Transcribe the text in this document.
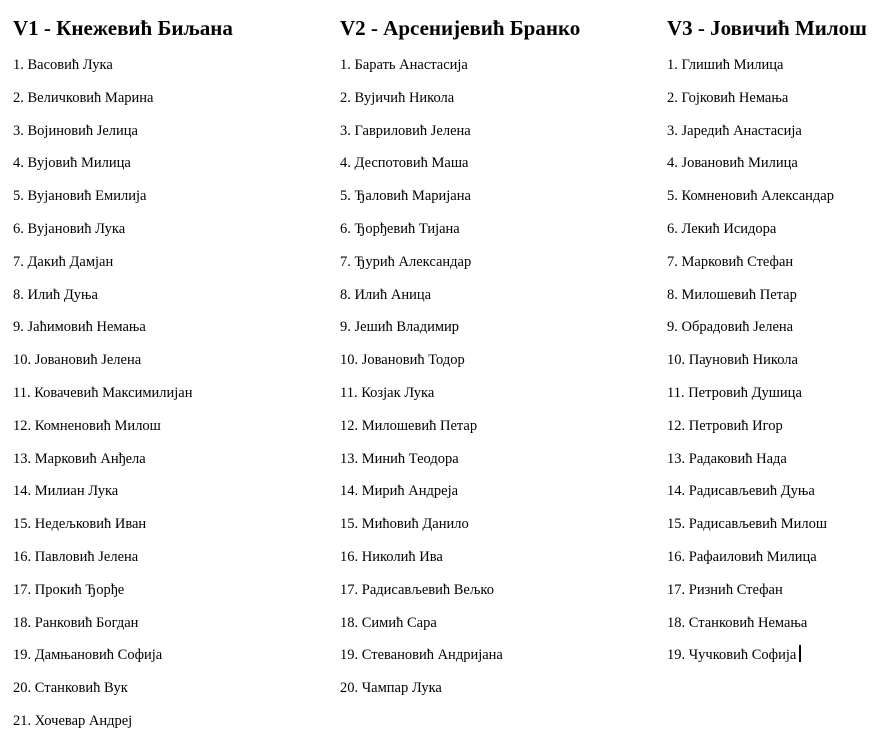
V1 - Кнежевић Биљана
1. Васовић Лука
2. Величковић Марина
3. Војиновић Јелица
4. Вујовић Милица
5. Вујановић Емилија
6. Вујановић Лука
7. Дакић Дамјан
8. Илић Дуња
9. Јаћимовић Немања
10. Јовановић Јелена
11. Ковачевић Максимилијан
12. Комненовић Милош
13. Марковић Анђела
14. Милиан Лука
15. Недељковић Иван
16. Павловић Јелена
17. Прокић Ђорђе
18. Ранковић Богдан
19. Дамњановић Софија
20. Станковић Вук
21. Хочевар Андреј
V2 - Арсенијевић Бранко
1. Барать Анастасија
2. Вујичић Никола
3. Гавриловић Јелена
4. Деспотовић Маша
5. Ђаловић Маријана
6. Ђорђевић Тијана
7. Ђурић Александар
8. Илић Аница
9. Јешић Владимир
10. Јовановић Тодор
11. Козјак Лука
12. Милошевић Петар
13. Минић Теодора
14. Мирић Андреја
15. Мићовић Данило
16. Николић Ива
17. Радисављевић Вељко
18. Симић Сара
19. Стевановић Андријана
20. Чампар Лука
V3 - Јовичић Милош
1. Глишић Милица
2. Гојковић Немања
3. Јаредић Анастасија
4. Јовановић Милица
5. Комненовић Александар
6. Лекић Исидора
7. Марковић Стефан
8. Милошевић Петар
9. Обрадовић Јелена
10. Пауновић Никола
11. Петровић Душица
12. Петровић Игор
13. Радаковић Нада
14. Радисављевић Дуња
15. Радисављевић Милош
16. Рафаиловић Милица
17. Ризнић Стефан
18. Станковић Немања
19. Чучковић Софија
